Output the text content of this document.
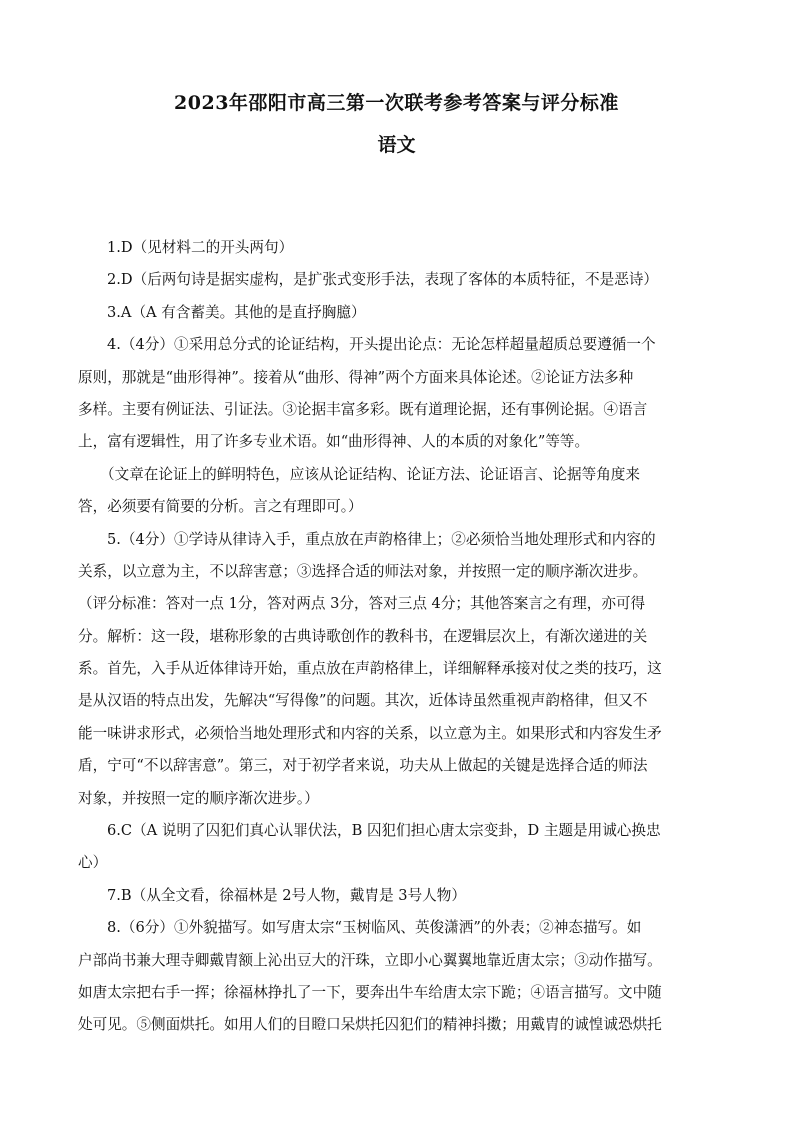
2023年邵阳市高三第一次联考参考答案与评分标准
语文
1.D（见材料二的开头两句）
2.D（后两句诗是据实虚构，是扩张式变形手法，表现了客体的本质特征，不是恶诗）
3.A（A 有含蓄美。其他的是直抒胸臆）
4.（4分）①采用总分式的论证结构，开头提出论点：无论怎样超量超质总要遵循一个
原则，那就是“曲形得神”。接着从“曲形、得神”两个方面来具体论述。②论证方法多种
多样。主要有例证法、引证法。③论据丰富多彩。既有道理论据，还有事例论据。④语言
上，富有逻辑性，用了许多专业术语。如“曲形得神、人的本质的对象化”等等。
（文章在论证上的鲜明特色，应该从论证结构、论证方法、论证语言、论据等角度来
答，必须要有简要的分析。言之有理即可。）
5.（4分）①学诗从律诗入手，重点放在声韵格律上；②必须恰当地处理形式和内容的
关系，以立意为主，不以辞害意；③选择合适的师法对象，并按照一定的顺序渐次进步。
（评分标准：答对一点 1分，答对两点 3分，答对三点 4分；其他答案言之有理，亦可得
分。解析：这一段，堪称形象的古典诗歌创作的教科书，在逻辑层次上，有渐次递进的关
系。首先，入手从近体律诗开始，重点放在声韵格律上，详细解释承接对仗之类的技巧，这
是从汉语的特点出发，先解决“写得像”的问题。其次，近体诗虽然重视声韵格律，但又不
能一味讲求形式，必须恰当地处理形式和内容的关系，以立意为主。如果形式和内容发生矛
盾，宁可“不以辞害意”。第三，对于初学者来说，功夫从上做起的关键是选择合适的师法
对象，并按照一定的顺序渐次进步。）
6.C（A 说明了囚犯们真心认罪伏法，B 囚犯们担心唐太宗变卦，D 主题是用诚心换忠
心）
7.B（从全文看，徐福林是 2号人物，戴胄是 3号人物）
8.（6分）①外貌描写。如写唐太宗“玉树临风、英俊潇洒”的外表；②神态描写。如
户部尚书兼大理寺卿戴胄额上沁出豆大的汗珠，立即小心翼翼地靠近唐太宗；③动作描写。
如唐太宗把右手一挥；徐福林挣扎了一下，要奔出牛车给唐太宗下跪；④语言描写。文中随
处可见。⑤侧面烘托。如用人们的目瞪口呆烘托囚犯们的精神抖擞；用戴胄的诚惶诚恐烘托
